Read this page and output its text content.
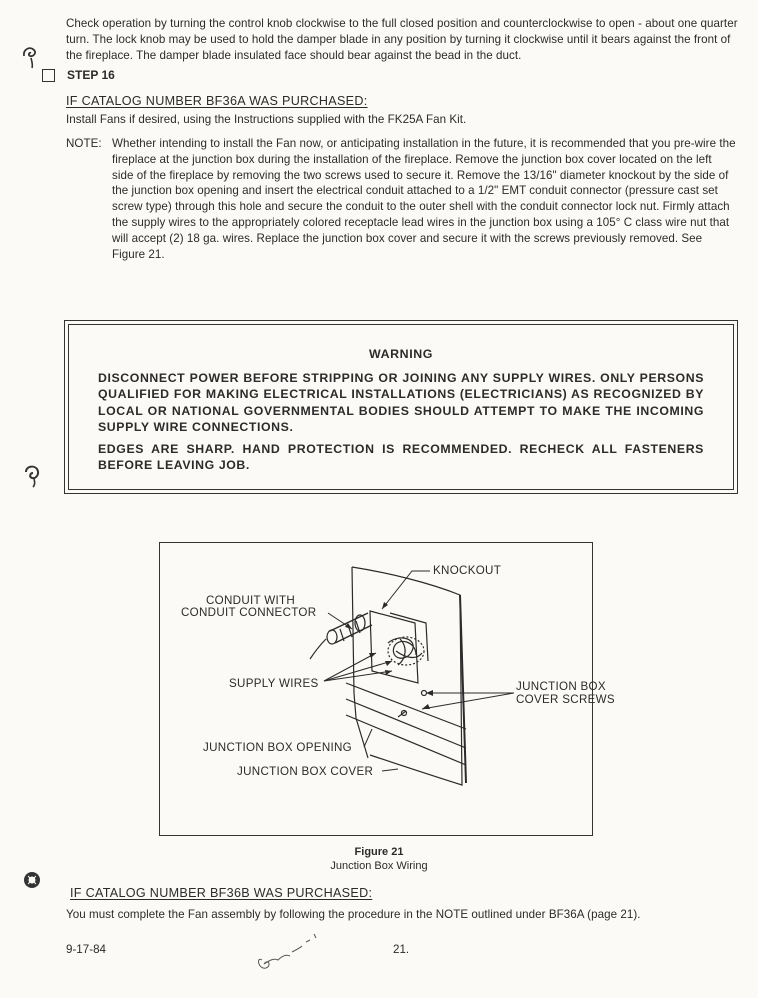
Check operation by turning the control knob clockwise to the full closed position and counterclockwise to open - about one quarter turn. The lock knob may be used to hold the damper blade in any position by turning it clockwise until it bears against the front of the fireplace. The damper blade insulated face should bear against the bead in the duct.
STEP 16
IF CATALOG NUMBER BF36A WAS PURCHASED:
Install Fans if desired, using the Instructions supplied with the FK25A Fan Kit.
NOTE: Whether intending to install the Fan now, or anticipating installation in the future, it is recommended that you pre-wire the fireplace at the junction box during the installation of the fireplace. Remove the junction box cover located on the left side of the fireplace by removing the two screws used to secure it. Remove the 13/16" diameter knockout by the side of the junction box opening and insert the electrical conduit attached to a 1/2" EMT conduit connector (pressure cast set screw type) through this hole and secure the conduit to the outer shell with the conduit connector lock nut. Firmly attach the supply wires to the appropriately colored receptacle lead wires in the junction box using a 105° C class wire nut that will accept (2) 18 ga. wires. Replace the junction box cover and secure it with the screws previously removed. See Figure 21.
WARNING
DISCONNECT POWER BEFORE STRIPPING OR JOINING ANY SUPPLY WIRES. ONLY PERSONS QUALIFIED FOR MAKING ELECTRICAL INSTALLATIONS (ELECTRICIANS) AS RECOGNIZED BY LOCAL OR NATIONAL GOVERNMENTAL BODIES SHOULD ATTEMPT TO MAKE THE INCOMING SUPPLY WIRE CONNECTIONS.
EDGES ARE SHARP. HAND PROTECTION IS RECOMMENDED. RECHECK ALL FASTENERS BEFORE LEAVING JOB.
KNOCKOUT
CONDUIT WITH
CONDUIT CONNECTOR
SUPPLY WIRES	JUNCTION BOX
COVER SCREWS
JUNCTION BOX OPENING
JUNCTION BOX COVER
Figure 21
Junction Box Wiring
IF CATALOG NUMBER BF36B WAS PURCHASED:
You must complete the Fan assembly by following the procedure in the NOTE outlined under BF36A (page 21).
9-17-84	21.
